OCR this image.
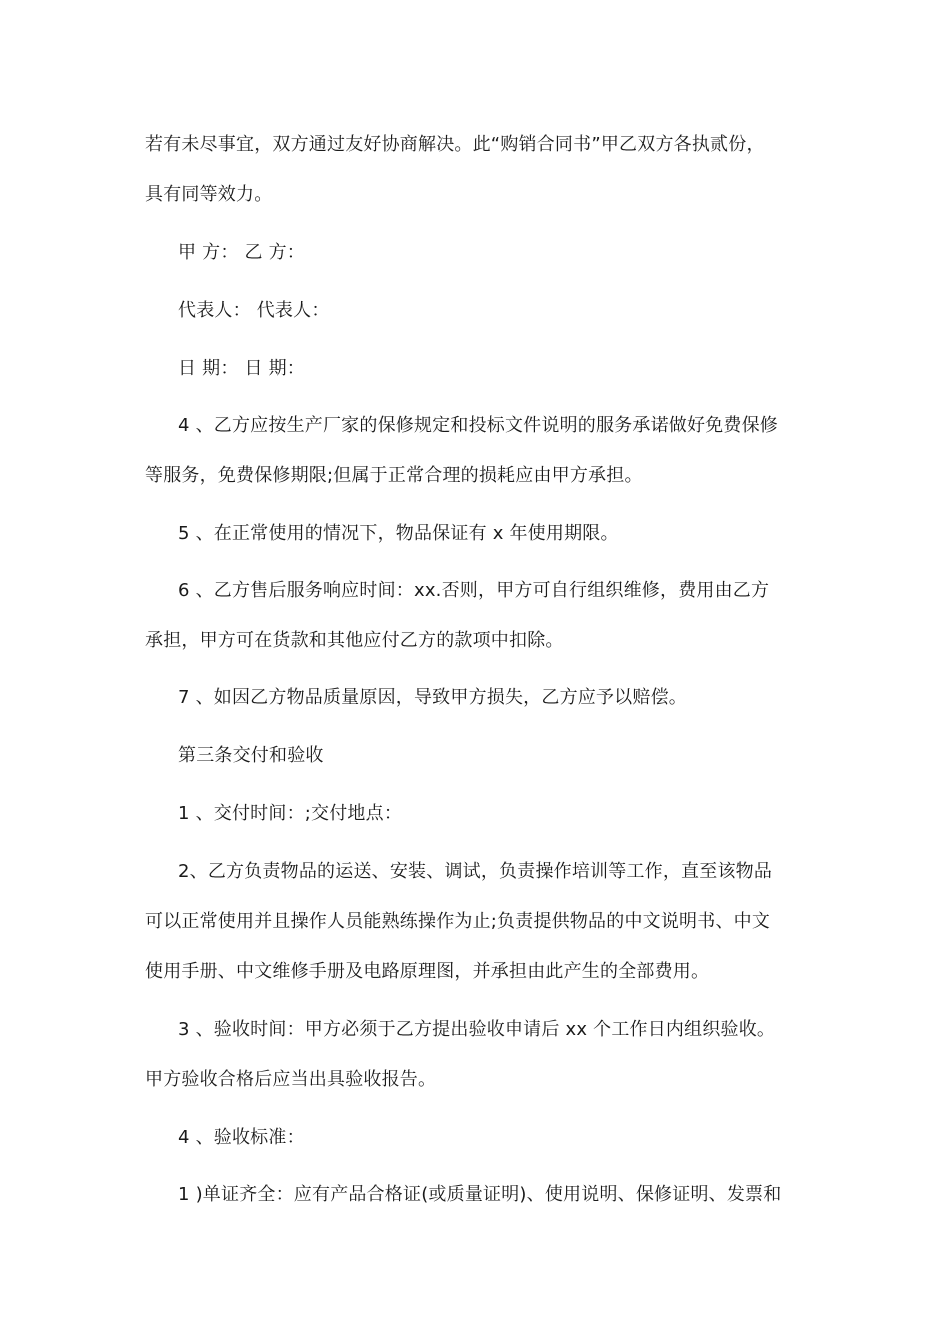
若有未尽事宜，双方通过友好协商解决。此“购销合同书”甲乙双方各执贰份，
具有同等效力。
甲 方： 乙 方：
代表人： 代表人：
日 期： 日 期：
4 、乙方应按生产厂家的保修规定和投标文件说明的服务承诺做好免费保修
等服务，免费保修期限;但属于正常合理的损耗应由甲方承担。
5 、在正常使用的情况下，物品保证有 x 年使用期限。
6 、乙方售后服务响应时间：xx.否则，甲方可自行组织维修，费用由乙方
承担，甲方可在货款和其他应付乙方的款项中扣除。
7 、如因乙方物品质量原因，导致甲方损失，乙方应予以赔偿。
第三条交付和验收
1 、交付时间：;交付地点：
2、乙方负责物品的运送、安装、调试，负责操作培训等工作，直至该物品
可以正常使用并且操作人员能熟练操作为止;负责提供物品的中文说明书、中文
使用手册、中文维修手册及电路原理图，并承担由此产生的全部费用。
3 、验收时间：甲方必须于乙方提出验收申请后 xx 个工作日内组织验收。
甲方验收合格后应当出具验收报告。
4 、验收标准：
1 )单证齐全：应有产品合格证(或质量证明)、使用说明、保修证明、发票和
